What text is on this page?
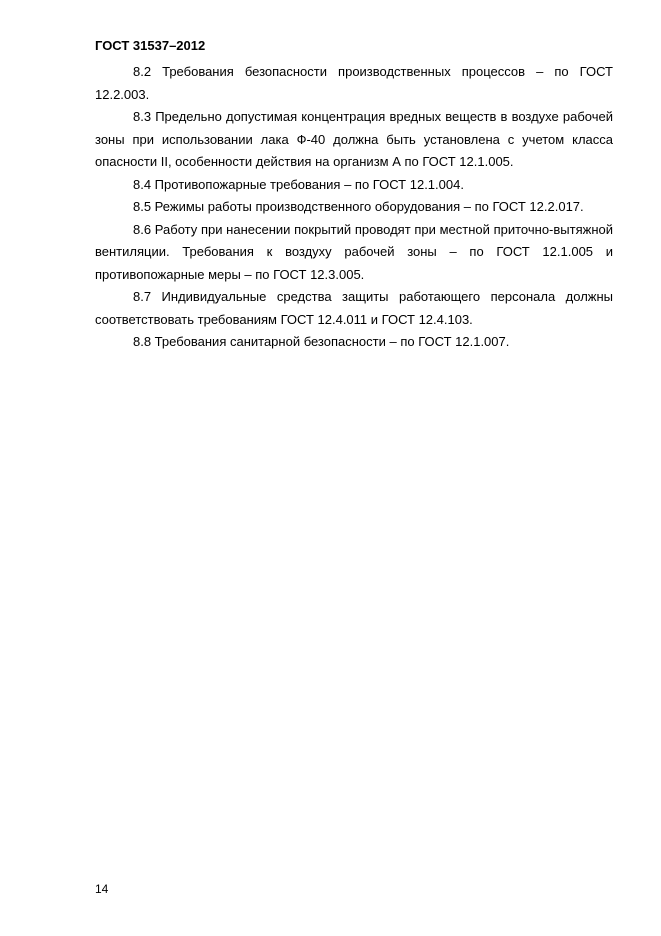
ГОСТ 31537–2012

8.2 Требования безопасности производственных процессов – по ГОСТ 12.2.003.

8.3 Предельно допустимая концентрация вредных веществ в воздухе рабочей зоны при использовании лака Ф-40 должна быть установлена с учетом класса опасности II, особенности действия на организм А по ГОСТ 12.1.005.

8.4 Противопожарные требования – по ГОСТ 12.1.004.

8.5 Режимы работы производственного оборудования – по ГОСТ 12.2.017.

8.6 Работу при нанесении покрытий проводят при местной приточно-вытяжной вентиляции. Требования к воздуху рабочей зоны – по ГОСТ 12.1.005 и противопожарные меры – по ГОСТ 12.3.005.

8.7 Индивидуальные средства защиты работающего персонала должны соответствовать требованиям ГОСТ 12.4.011 и ГОСТ 12.4.103.

8.8 Требования санитарной безопасности – по ГОСТ 12.1.007.

14
